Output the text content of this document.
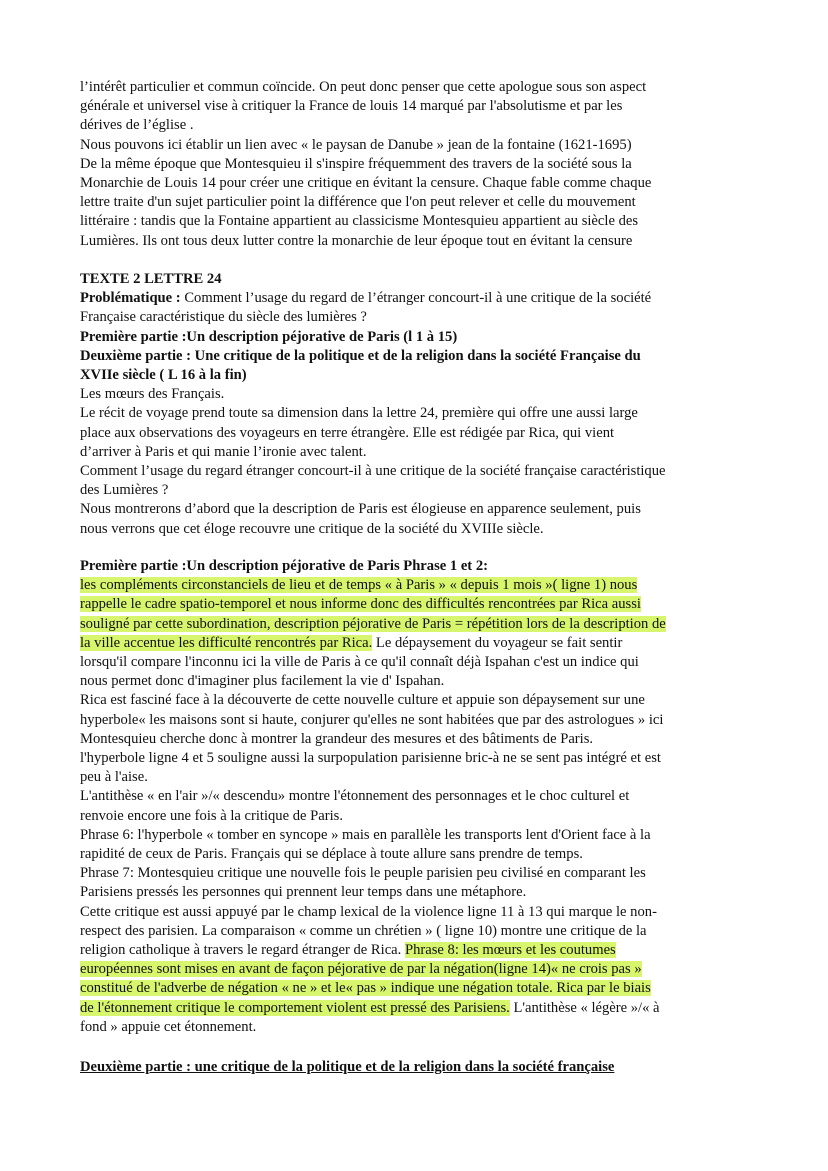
l’intérêt particulier et commun coïncide. On peut donc penser que cette apologue sous son aspect
générale et universel vise à critiquer la France de louis 14 marqué par l'absolutisme et par les
dérives de l’église .
Nous pouvons ici établir un lien avec « le paysan de Danube » jean de la fontaine (1621-1695)
De la même époque que Montesquieu il s'inspire fréquemment des travers de la société sous la
Monarchie de Louis 14 pour créer une critique en évitant la censure. Chaque fable comme chaque
lettre traite d'un sujet particulier point la différence que l'on peut relever et celle du mouvement
littéraire : tandis que la Fontaine appartient au classicisme Montesquieu appartient au siècle des
Lumières. Ils ont tous deux lutter contre la monarchie de leur époque tout en évitant la censure
TEXTE 2 LETTRE 24
Problématique : Comment l’usage du regard de l’étranger concourt-il à une critique de la société
Française caractéristique du siècle des lumières ?
Première partie :Un description péjorative de Paris (l 1 à 15)
Deuxième partie : Une critique de la politique et de la religion dans la société Française du
XVIIe siècle ( L 16 à la fin)
Les mœurs des Français.
Le récit de voyage prend toute sa dimension dans la lettre 24, première qui offre une aussi large
place aux observations des voyageurs en terre étrangère. Elle est rédigée par Rica, qui vient
d’arriver à Paris et qui manie l’ironie avec talent.
Comment l’usage du regard étranger concourt-il à une critique de la société française caractéristique
des Lumières ?
Nous montrerons d’abord que la description de Paris est élogieuse en apparence seulement, puis
nous verrons que cet éloge recouvre une critique de la société du XVIIIe siècle.
Première partie :Un description péjorative de Paris Phrase 1 et 2:
les compléments circonstanciels de lieu et de temps « à Paris » « depuis 1 mois »( ligne 1) nous
rappelle le cadre spatio-temporel et nous informe donc des difficultés rencontrées par Rica aussi
souligné par cette subordination, description péjorative de Paris = répétition lors de la description de
la ville accentue les difficulté rencontrés par Rica. Le dépaysement du voyageur se fait sentir
lorsqu'il compare l'inconnu ici la ville de Paris à ce qu'il connaît déjà Ispahan c'est un indice qui
nous permet donc d'imaginer plus facilement la vie d' Ispahan.
Rica est fasciné face à la découverte de cette nouvelle culture et appuie son dépaysement sur une
hyperbole« les maisons sont si haute, conjurer qu'elles ne sont habitées que par des astrologues » ici
Montesquieu cherche donc à montrer la grandeur des mesures et des bâtiments de Paris.
l'hyperbole ligne 4 et 5 souligne aussi la surpopulation parisienne bric-à ne se sent pas intégré et est
peu à l'aise.
L'antithèse « en l'air »/« descendu» montre l'étonnement des personnages et le choc culturel et
renvoie encore une fois à la critique de Paris.
Phrase 6: l'hyperbole « tomber en syncope » mais en parallèle les transports lent d'Orient face à la
rapidité de ceux de Paris. Français qui se déplace à toute allure sans prendre de temps.
Phrase 7: Montesquieu critique une nouvelle fois le peuple parisien peu civilisé en comparant les
Parisiens pressés les personnes qui prennent leur temps dans une métaphore.
Cette critique est aussi appuyé par le champ lexical de la violence ligne 11 à 13 qui marque le non-
respect des parisien. La comparaison « comme un chrétien » ( ligne 10) montre une critique de la
religion catholique à travers le regard étranger de Rica. Phrase 8: les mœurs et les coutumes
européennes sont mises en avant de façon péjorative de par la négation(ligne 14)« ne crois pas »
constitué de l'adverbe de négation « ne » et le« pas » indique une négation totale. Rica par le biais
de l'étonnement critique le comportement violent est pressé des Parisiens. L'antithèse « légère »/« à
fond » appuie cet étonnement.
Deuxième partie : une critique de la politique et de la religion dans la société française
